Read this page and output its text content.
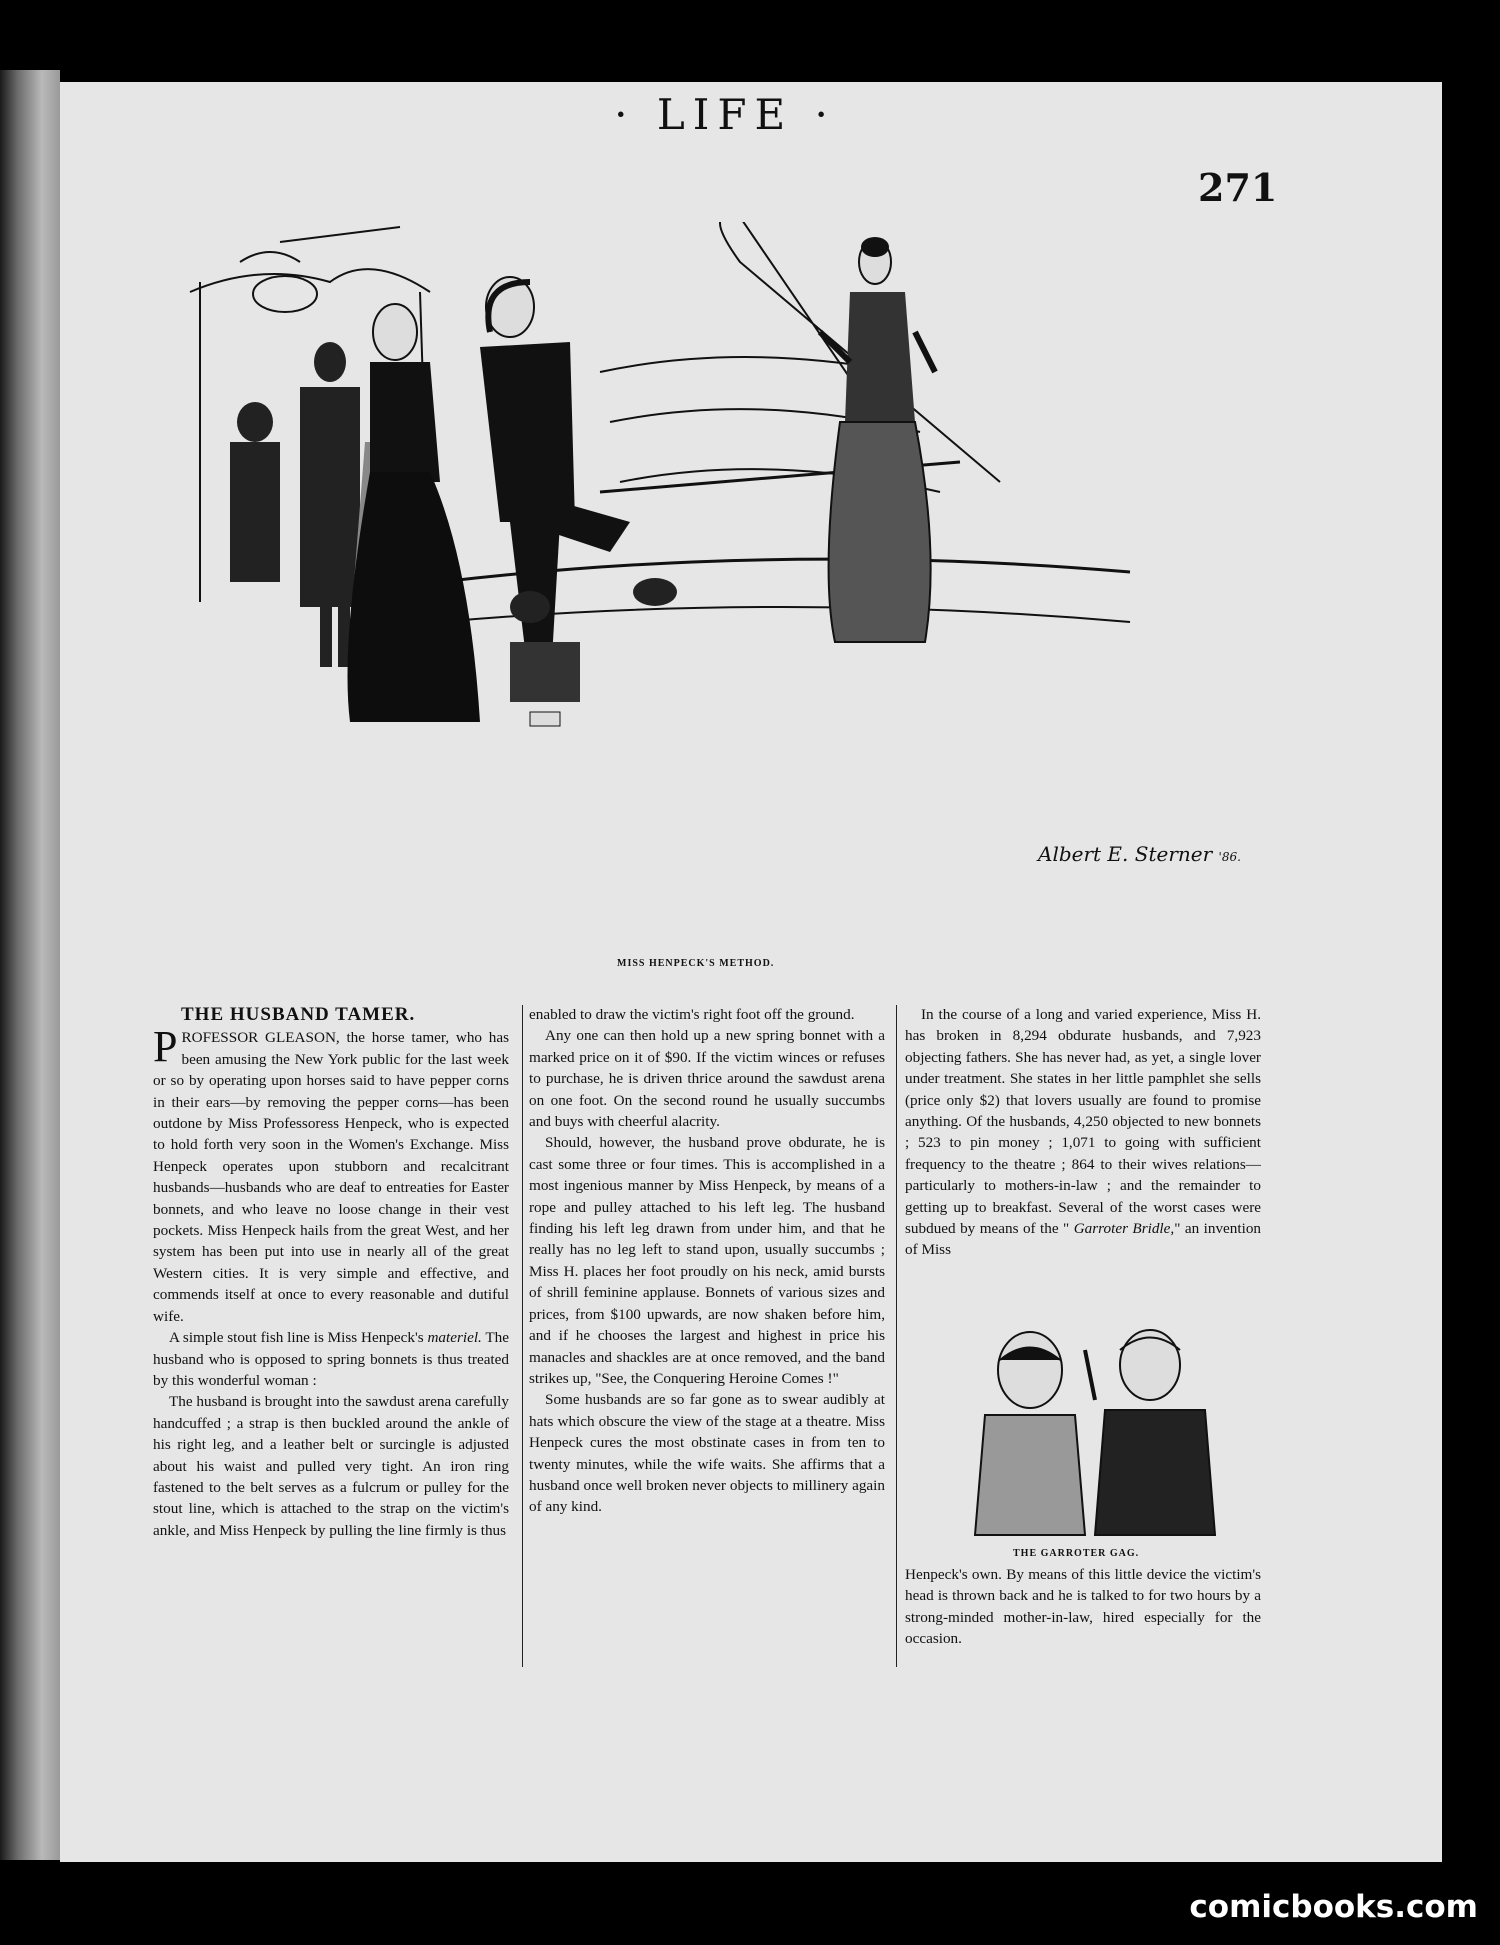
· LIFE ·
271
Albert E. Sterner '86.
MISS HENPECK'S METHOD.
THE HUSBAND TAMER.

PROFESSOR GLEASON, the horse tamer, who has been amusing the New York public for the last week or so by operating upon horses said to have pepper corns in their ears—by removing the pepper corns—has been outdone by Miss Professoress Henpeck, who is expected to hold forth very soon in the Women's Exchange. Miss Henpeck operates upon stubborn and recalcitrant husbands—husbands who are deaf to entreaties for Easter bonnets, and who leave no loose change in their vest pockets. Miss Henpeck hails from the great West, and her system has been put into use in nearly all of the great Western cities. It is very simple and effective, and commends itself at once to every reasonable and dutiful wife.

A simple stout fish line is Miss Henpeck's materiel. The husband who is opposed to spring bonnets is thus treated by this wonderful woman :

The husband is brought into the sawdust arena carefully handcuffed ; a strap is then buckled around the ankle of his right leg, and a leather belt or surcingle is adjusted about his waist and pulled very tight. An iron ring fastened to the belt serves as a fulcrum or pulley for the stout line, which is attached to the strap on the victim's ankle, and Miss Henpeck by pulling the line firmly is thus

enabled to draw the victim's right foot off the ground.

Any one can then hold up a new spring bonnet with a marked price on it of $90. If the victim winces or refuses to purchase, he is driven thrice around the sawdust arena on one foot. On the second round he usually succumbs and buys with cheerful alacrity.

Should, however, the husband prove obdurate, he is cast some three or four times. This is accomplished in a most ingenious manner by Miss Henpeck, by means of a rope and pulley attached to his left leg. The husband finding his left leg drawn from under him, and that he really has no leg left to stand upon, usually succumbs ; Miss H. places her foot proudly on his neck, amid bursts of shrill feminine applause. Bonnets of various sizes and prices, from $100 upwards, are now shaken before him, and if he chooses the largest and highest in price his manacles and shackles are at once removed, and the band strikes up, "See, the Conquering Heroine Comes !"

Some husbands are so far gone as to swear audibly at hats which obscure the view of the stage at a theatre. Miss Henpeck cures the most obstinate cases in from ten to twenty minutes, while the wife waits. She affirms that a husband once well broken never objects to millinery again of any kind.

In the course of a long and varied experience, Miss H. has broken in 8,294 obdurate husbands, and 7,923 objecting fathers. She has never had, as yet, a single lover under treatment. She states in her little pamphlet she sells (price only $2) that lovers usually are found to promise anything. Of the husbands, 4,250 objected to new bonnets ; 523 to pin money ; 1,071 to going with sufficient frequency to the theatre ; 864 to their wives relations—particularly to mothers-in-law ; and the remainder to getting up to breakfast. Several of the worst cases were subdued by means of the " Garroter Bridle," an invention of Miss

THE GARROTER GAG.

Henpeck's own. By means of this little device the victim's head is thrown back and he is talked to for two hours by a strong-minded mother-in-law, hired especially for the occasion.

comicbooks.com
